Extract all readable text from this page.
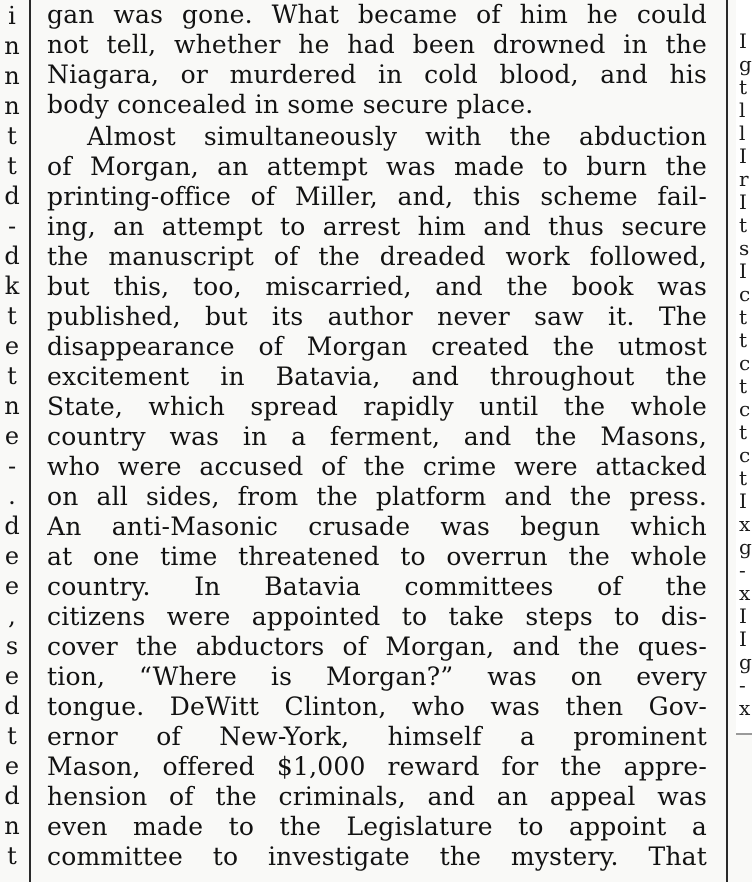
i
n
n
n
t
t
d
-
d
k
t
e
t
n
e
-
.
d
e
e
,
s
e
d
t
e
d
n
t
gan was gone. What became of him he could
not tell, whether he had been drowned in the
Niagara, or murdered in cold blood, and his
body concealed in some secure place.
Almost simultaneously with the abduction
of Morgan, an attempt was made to burn the
printing-office of Miller, and, this scheme fail-
ing, an attempt to arrest him and thus secure
the manuscript of the dreaded work followed,
but this, too, miscarried, and the book was
published, but its author never saw it. The
disappearance of Morgan created the utmost
excitement in Batavia, and throughout the
State, which spread rapidly until the whole
country was in a ferment, and the Masons,
who were accused of the crime were attacked
on all sides, from the platform and the press.
An anti-Masonic crusade was begun which
at one time threatened to overrun the whole
country. In Batavia committees of the
citizens were appointed to take steps to dis-
cover the abductors of Morgan, and the ques-
tion, “Where is Morgan?” was on every
tongue. DeWitt Clinton, who was then Gov-
ernor of New-York, himself a prominent
Mason, offered $1,000 reward for the appre-
hension of the criminals, and an appeal was
even made to the Legislature to appoint a
committee to investigate the mystery. That
I
g
t
l
l
I
r
I
t
s
I
c
t
t
c
t
c
t
c
t
I
x
g
-
x
I
I
g
-
x
